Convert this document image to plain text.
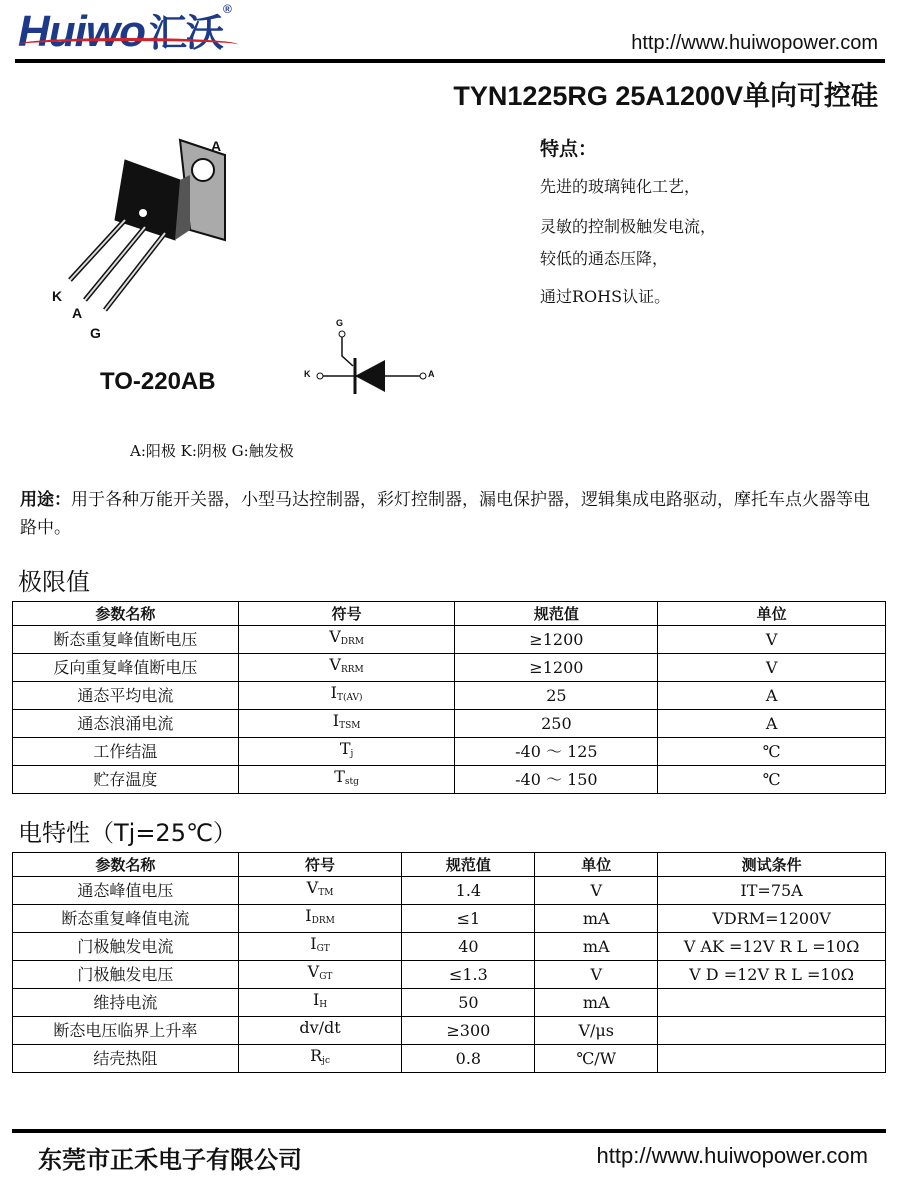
Huiwo 汇沃®
http://www.huiwopower.com
TYN1225RG 25A1200V单向可控硅
A
K
A
G
TO-220AB
G
K	A
A:阳极 K:阴极 G:触发极
特点：
先进的玻璃钝化工艺，
灵敏的控制极触发电流，
较低的通态压降，
通过ROHS认证。
用途：用于各种万能开关器，小型马达控制器，彩灯控制器，漏电保护器，逻辑集成电路驱动，摩托车点火器等电路中。
极限值
参数名称	符号	规范值	单位
断态重复峰值断电压	$V_{DRM}$	≥1200	V
反向重复峰值断电压	$V_{RRM}$	≥1200	V
通态平均电流	$I_{T(AV)}$	25	A
通态浪涌电流	$I_{TSM}$	250	A
工作结温	$T_j$	-40 ～ 125	℃
贮存温度	$T_{stg}$	-40 ～ 150	℃
电特性（Tj=25℃）
参数名称	符号	规范值	单位	测试条件
通态峰值电压	$V_{TM}$	1.4	V	IT=75A
断态重复峰值电流	$I_{DRM}$	≤1	mA	VDRM=1200V
门极触发电流	$I_{GT}$	40	mA	V AK =12V R L =10Ω
门极触发电压	$V_{GT}$	≤1.3	V	V D =12V R L =10Ω
维持电流	$I_H$	50	mA	
断态电压临界上升率	dv/dt	≥300	V/μs	
结壳热阻	$R_{jc}$	0.8	℃/W	
东莞市正禾电子有限公司	http://www.huiwopower.com
